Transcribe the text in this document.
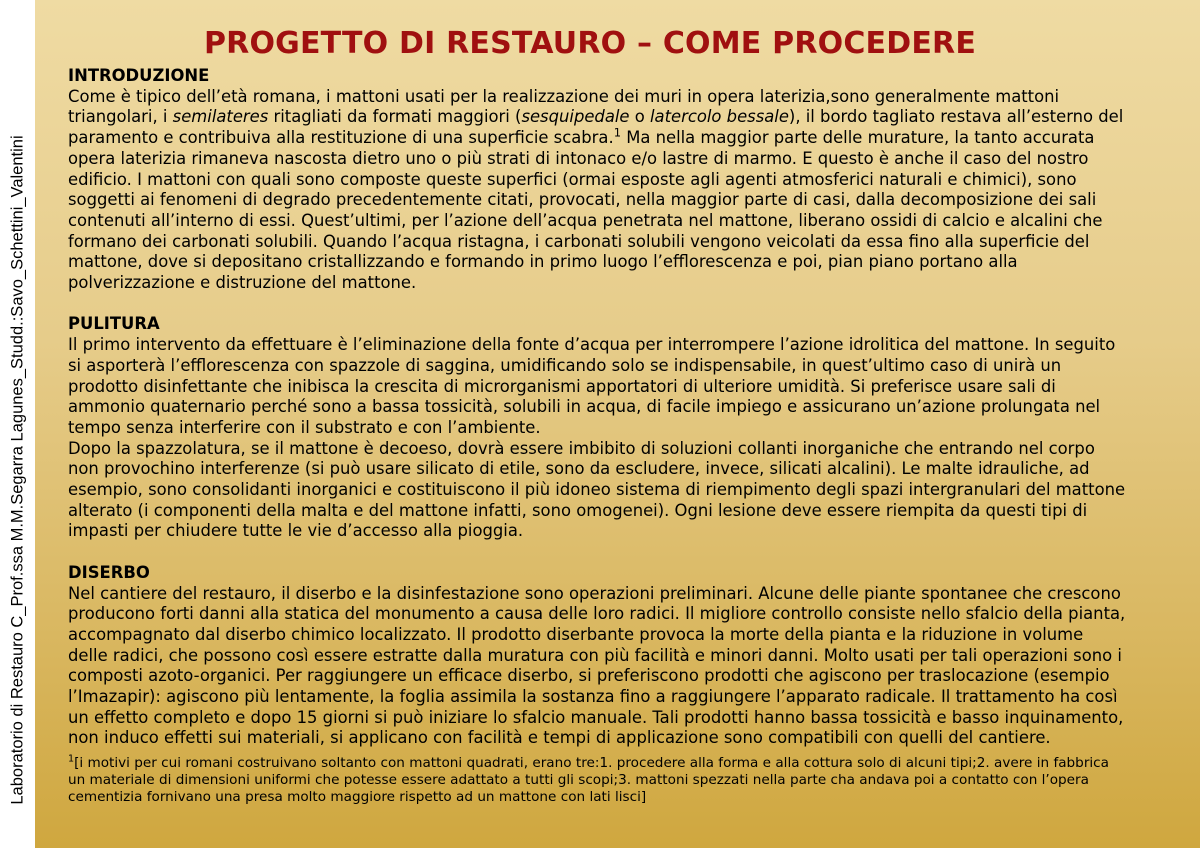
Laboratorio di Restauro C_Prof.ssa M.M.Segarra Lagunes_Studd.:Savo_Schettini_Valentini
PROGETTO DI RESTAURO – COME PROCEDERE
INTRODUZIONE

Come è tipico dell’età romana, i mattoni usati per la realizzazione dei muri in opera laterizia,sono generalmente mattoni triangolari, i semilateres ritagliati da formati maggiori (sesquipedale o latercolo bessale), il bordo tagliato restava all’esterno del paramento e contribuiva alla restituzione di una superficie scabra.$^1$ Ma nella maggior parte delle murature, la tanto accurata opera laterizia rimaneva nascosta dietro uno o più strati di intonaco e/o lastre di marmo. E questo è anche il caso del nostro edificio. I mattoni con quali sono composte queste superfici (ormai esposte agli agenti atmosferici naturali e chimici), sono soggetti ai fenomeni di degrado precedentemente citati, provocati, nella maggior parte di casi, dalla decomposizione dei sali contenuti all’interno di essi. Quest’ultimi, per l’azione dell’acqua penetrata nel mattone, liberano ossidi di calcio e alcalini che formano dei carbonati solubili. Quando l’acqua ristagna, i carbonati solubili vengono veicolati da essa fino alla superficie del mattone, dove si depositano cristallizzando e formando in primo luogo l’efflorescenza e poi, pian piano portano alla polverizzazione e distruzione del mattone.

PULITURA

Il primo intervento da effettuare è l’eliminazione della fonte d’acqua per interrompere l’azione idrolitica del mattone. In seguito si asporterà l’efflorescenza con spazzole di saggina, umidificando solo se indispensabile, in quest’ultimo caso di unirà un prodotto disinfettante che inibisca la crescita di microrganismi apportatori di ulteriore umidità. Si preferisce usare sali di ammonio quaternario perché sono a bassa tossicità, solubili in acqua, di facile impiego e assicurano un’azione prolungata nel tempo senza interferire con il substrato e con l’ambiente.

Dopo la spazzolatura, se il mattone è decoeso, dovrà essere imbibito di soluzioni collanti inorganiche che entrando nel corpo non provochino interferenze (si può usare silicato di etile, sono da escludere, invece, silicati alcalini). Le malte idrauliche, ad esempio, sono consolidanti inorganici e costituiscono il più idoneo sistema di riempimento degli spazi intergranulari del mattone alterato (i componenti della malta e del mattone infatti, sono omogenei). Ogni lesione deve essere riempita da questi tipi di impasti per chiudere tutte le vie d’accesso alla pioggia.

DISERBO

Nel cantiere del restauro, il diserbo e la disinfestazione sono operazioni preliminari. Alcune delle piante spontanee che crescono producono forti danni alla statica del monumento a causa delle loro radici. Il migliore controllo consiste nello sfalcio della pianta, accompagnato dal diserbo chimico localizzato. Il prodotto diserbante provoca la morte della pianta e la riduzione in volume delle radici, che possono così essere estratte dalla muratura con più facilità e minori danni. Molto usati per tali operazioni sono i composti azoto-organici. Per raggiungere un efficace diserbo, si preferiscono prodotti che agiscono per traslocazione (esempio l’Imazapir): agiscono più lentamente, la foglia assimila la sostanza fino a raggiungere l’apparato radicale. Il trattamento ha così un effetto completo e dopo 15 giorni si può iniziare lo sfalcio manuale. Tali prodotti hanno bassa tossicità e basso inquinamento, non induco effetti sui materiali, si applicano con facilità e tempi di applicazione sono compatibili con quelli del cantiere.

$^1$[i motivi per cui romani costruivano soltanto con mattoni quadrati, erano tre:1. procedere alla forma e alla cottura solo di alcuni tipi;2. avere in fabbrica un materiale di dimensioni uniformi che potesse essere adattato a tutti gli scopi;3. mattoni spezzati nella parte cha andava poi a contatto con l’opera cementizia fornivano una presa molto maggiore rispetto ad un mattone con lati lisci]
